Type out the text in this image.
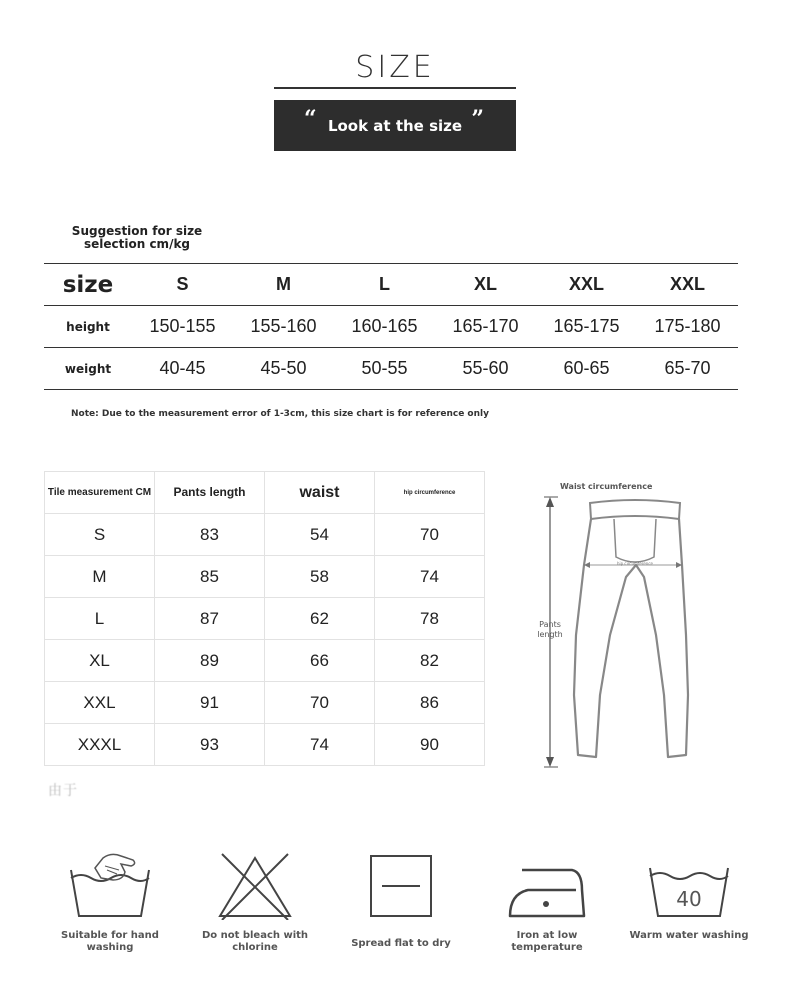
SIZE
“ Look at the size ”
Suggestion for size selection cm/kg
size	S	M	L	XL	XXL	XXL
height	150-155	155-160	160-165	165-170	165-175	175-180
weight	40-45	45-50	50-55	55-60	60-65	65-70
Note: Due to the measurement error of 1-3cm, this size chart is for reference only
Tile measurement CM	Pants length	waist	hip circumference
S	83	54	70
M	85	58	74
L	87	62	78
XL	89	66	82
XXL	91	70	86
XXXL	93	74	90
由于
Waist circumference
Pants length
hip circumference
Suitable for hand washing
Do not bleach with chlorine	Spread flat to dry
Iron at low temperature
40
Warm water washing
